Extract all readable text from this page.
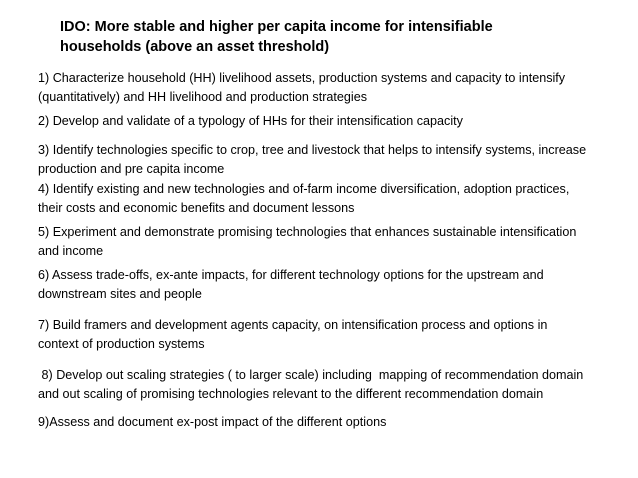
IDO: More stable and higher per capita income for intensifiable
households (above an asset threshold)
1) Characterize household (HH) livelihood assets, production systems and capacity to intensify
(quantitatively) and HH livelihood and production strategies
2) Develop and validate of a typology of HHs for their intensification capacity
3) Identify technologies specific to crop, tree and livestock that helps to intensify systems, increase
production and pre capita income
4) Identify existing and new technologies and of-farm income diversification, adoption practices,
their costs and economic benefits and document lessons
5) Experiment and demonstrate promising technologies that enhances sustainable intensification
and income
6) Assess trade-offs, ex-ante impacts, for different technology options for the upstream and
downstream sites and people
7) Build framers and development agents capacity, on intensification process and options in
context of production systems
8) Develop out scaling strategies ( to larger scale) including  mapping of recommendation domain
and out scaling of promising technologies relevant to the different recommendation domain
9)Assess and document ex-post impact of the different options
